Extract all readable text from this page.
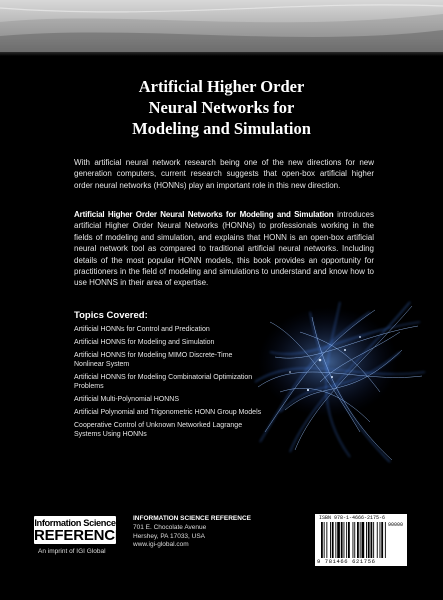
Artificial Higher Order
Neural Networks for
Modeling and Simulation

With artificial neural network research being one of the new directions for new generation computers, current research suggests that open-box artificial higher order neural networks (HONNs) play an important role in this new direction.

Artificial Higher Order Neural Networks for Modeling and Simulation introduces artificial Higher Order Neural Networks (HONNs) to professionals working in the fields of modeling and simulation, and explains that HONN is an open-box artificial neural network tool as compared to traditional artificial neural networks. Including details of the most popular HONN models, this book provides an opportunity for practitioners in the field of modeling and simulations to understand and know how to use HONNS in their area of expertise.

Topics Covered:
Artificial HONNs for Control and Predication
Artificial HONNS for Modeling and Simulation
Artificial HONNS for Modeling MIMO Discrete-Time Nonlinear System
Artificial HONNS for Modeling Combinatorial Optimization Problems
Artificial Multi-Polynomial HONNS
Artificial Polynomial and Trigonometric HONN Group Models
Cooperative Control of Unknown Networked Lagrange Systems Using HONNs
Information Science
REFERENCE
An imprint of IGI Global
INFORMATION SCIENCE REFERENCE
701 E. Chocolate Avenue
Hershey, PA 17033, USA
www.igi-global.com
ISBN 978-1-4666-2175-6
90000
9 781466 621756
